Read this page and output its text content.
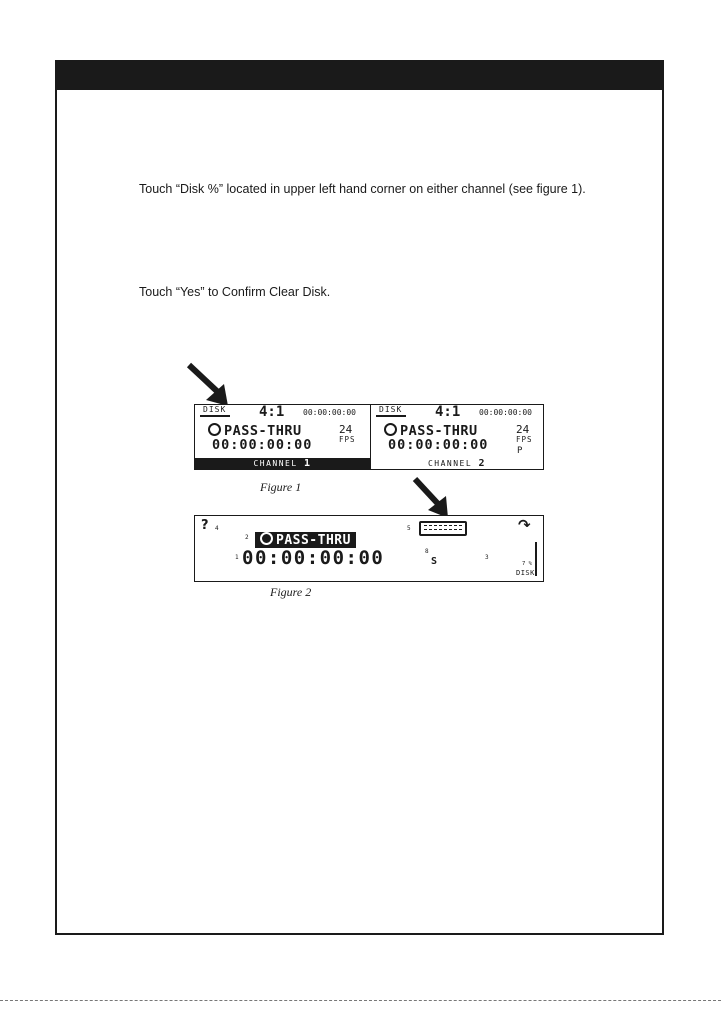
Touch “Disk %” located in upper left hand corner on either channel (see figure 1).
Touch “Yes” to Confirm Clear Disk.
DISK 4:1 00:00:00:00
PASS-THRU
00:00:00:00
24
FPS
CHANNEL 1
DISK 4:1 00:00:00:00
PASS-THRU
00:00:00:00
24
FPS
P
CHANNEL 2
Figure 1
? 4
2
1
PASS-THRU
00:00:00:00
5
8
S	3
↷
7 %
DISK
Figure 2
